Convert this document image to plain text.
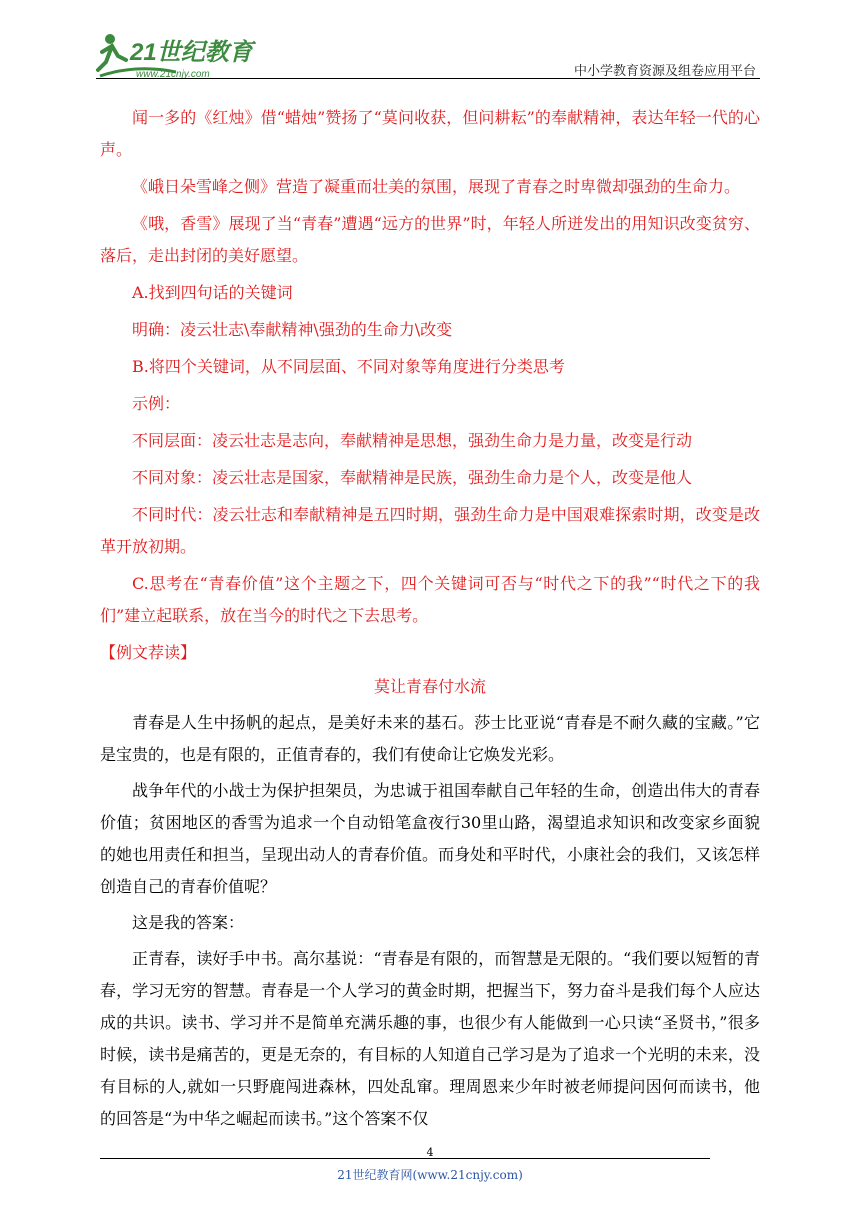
21世纪教育
www.21cnjy.com	中小学教育资源及组卷应用平台

闻一多的《红烛》借“蜡烛”赞扬了“莫问收获，但问耕耘”的奉献精神，表达年轻一代的心声。

《峨日朵雪峰之侧》营造了凝重而壮美的氛围，展现了青春之时卑微却强劲的生命力。

《哦，香雪》展现了当“青春”遭遇“远方的世界”时，年轻人所迸发出的用知识改变贫穷、落后，走出封闭的美好愿望。

A.找到四句话的关键词

明确：凌云壮志\奉献精神\强劲的生命力\改变

B.将四个关键词，从不同层面、不同对象等角度进行分类思考

示例：

不同层面：凌云壮志是志向，奉献精神是思想，强劲生命力是力量，改变是行动

不同对象：凌云壮志是国家，奉献精神是民族，强劲生命力是个人，改变是他人

不同时代：凌云壮志和奉献精神是五四时期，强劲生命力是中国艰难探索时期，改变是改革开放初期。

C.思考在“青春价值”这个主题之下，四个关键词可否与“时代之下的我”“时代之下的我们”建立起联系，放在当今的时代之下去思考。

【例文荐读】

莫让青春付水流

青春是人生中扬帆的起点，是美好未来的基石。莎士比亚说“青春是不耐久藏的宝藏。”它是宝贵的，也是有限的，正值青春的，我们有使命让它焕发光彩。

战争年代的小战士为保护担架员，为忠诚于祖国奉献自己年轻的生命，创造出伟大的青春价值；贫困地区的香雪为追求一个自动铅笔盒夜行30里山路，渴望追求知识和改变家乡面貌的她也用责任和担当，呈现出动人的青春价值。而身处和平时代，小康社会的我们，又该怎样创造自己的青春价值呢？

这是我的答案：

正青春，读好手中书。高尔基说：“青春是有限的，而智慧是无限的。“我们要以短暂的青春，学习无穷的智慧。青春是一个人学习的黄金时期，把握当下，努力奋斗是我们每个人应达成的共识。读书、学习并不是简单充满乐趣的事，也很少有人能做到一心只读“圣贤书，”很多时候，读书是痛苦的，更是无奈的，有目标的人知道自己学习是为了追求一个光明的未来，没有目标的人,就如一只野鹿闯进森林，四处乱窜。理周恩来少年时被老师提问因何而读书，他的回答是“为中华之崛起而读书。”这个答案不仅

4
21世纪教育网(www.21cnjy.com)
